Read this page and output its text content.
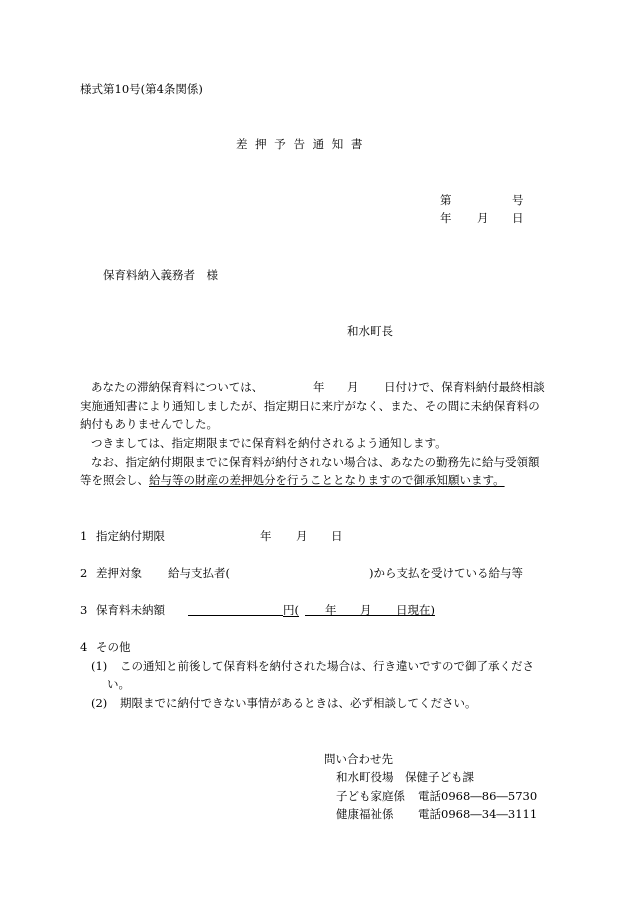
様式第10号(第4条関係)
差 押 予 告 通 知 書
第	号
年 月 日
保育料納入義務者　様
和水町長
あなたの滞納保育料については、	年 月 日付けで、保育料納付最終相談
実施通知書により通知しましたが、指定期日に来庁がなく、また、その間に未納保育料の
納付もありませんでした。
つきましては、指定期限までに保育料を納付されるよう通知します。
なお、指定納付期限までに保育料が納付されない場合は、あなたの勤務先に給与受領額
等を照会し、 給与等の財産の差押処分を行うこととなりますので御承知願います。
1 指定納付期限	年 月 日
2 差押対象 給与支払者(	)から支払を受けている給与等
3 保育料未納額	円( 年 月 日現在)
4 その他
(1) この通知と前後して保育料を納付された場合は、行き違いですので御了承くださ
い。
(2) 期限までに納付できない事情があるときは、必ず相談してください。
問い合わせ先
和水町役場　保健子ども課
子ども家庭係 電話0968―86―5730
健康福祉係 電話0968―34―3111
